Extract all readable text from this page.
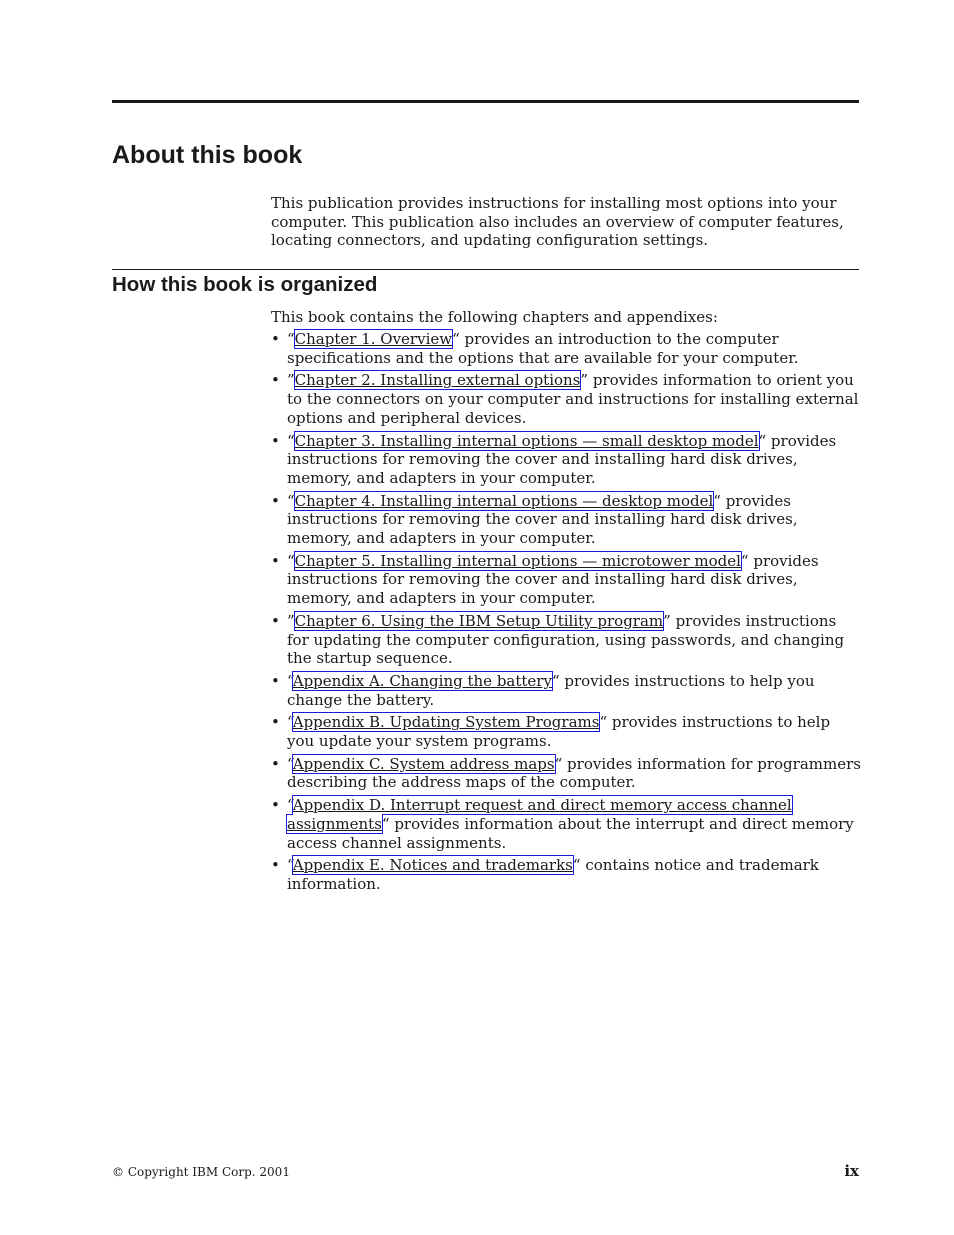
About this book

This publication provides instructions for installing most options into your computer. This publication also includes an overview of computer features, locating connectors, and updating configuration settings.

How this book is organized

This book contains the following chapters and appendixes:

• “Chapter 1. Overview“ provides an introduction to the computer specifications and the options that are available for your computer.
• ”Chapter 2. Installing external options” provides information to orient you to the connectors on your computer and instructions for installing external options and peripheral devices.
• “Chapter 3. Installing internal options — small desktop model“ provides instructions for removing the cover and installing hard disk drives, memory, and adapters in your computer.
• “Chapter 4. Installing internal options — desktop model“ provides instructions for removing the cover and installing hard disk drives, memory, and adapters in your computer.
• “Chapter 5. Installing internal options — microtower model“ provides instructions for removing the cover and installing hard disk drives, memory, and adapters in your computer.
• ”Chapter 6. Using the IBM Setup Utility program” provides instructions for updating the computer configuration, using passwords, and changing the startup sequence.
• “Appendix A. Changing the battery“ provides instructions to help you change the battery.
• “Appendix B. Updating System Programs“ provides instructions to help you update your system programs.
• “Appendix C. System address maps“ provides information for programmers describing the address maps of the computer.
• “Appendix D. Interrupt request and direct memory access channel assignments“ provides information about the interrupt and direct memory access channel assignments.
• “Appendix E. Notices and trademarks“ contains notice and trademark information.

© Copyright IBM Corp. 2001	ix
